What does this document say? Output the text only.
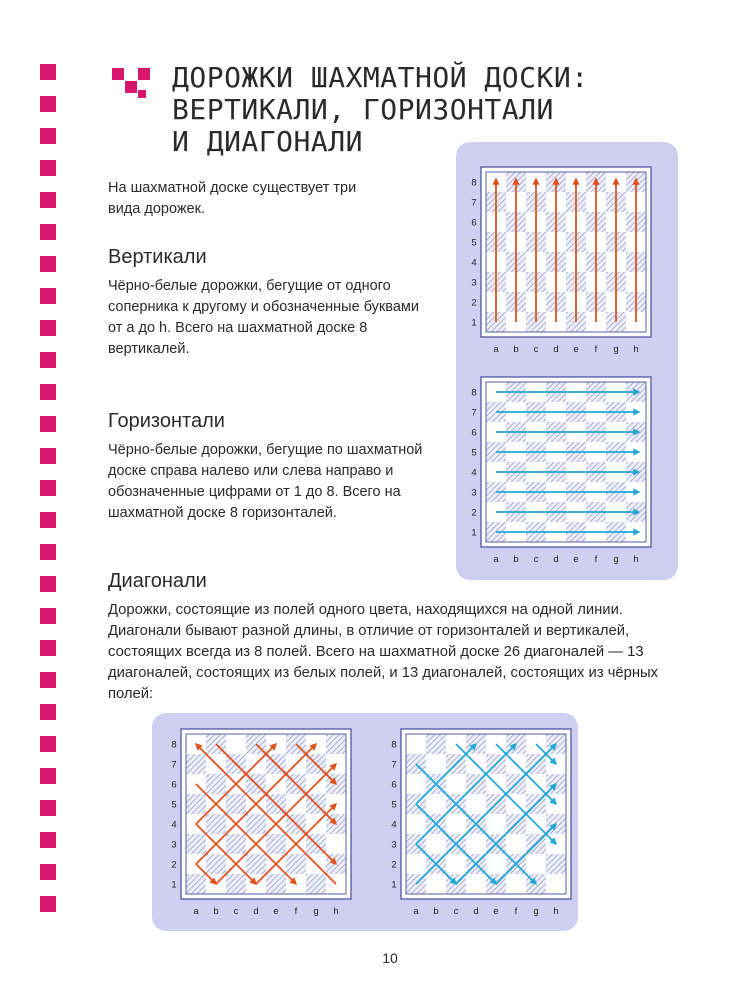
ДОРОЖКИ ШАХМАТНОЙ ДОСКИ:
ВЕРТИКАЛИ, ГОРИЗОНТАЛИ
И ДИАГОНАЛИ
На шахматной доске существует три вида дорожек.
Вертикали
Чёрно-белые дорожки, бегущие от одного соперника к другому и обозначенные буквами от a до h. Всего на шахматной доске 8 вертикалей.
Горизонтали
Чёрно-белые дорожки, бегущие по шахматной доске справа налево или слева направо и обозначенные цифрами от 1 до 8. Всего на шахматной доске 8 горизонталей.
Диагонали
Дорожки, состоящие из полей одного цвета, находящихся на одной линии. Диагонали бывают разной длины, в отличие от горизонталей и вертикалей, состоящих всегда из 8 полей. Всего на шахматной доске 26 диагоналей — 13 диагоналей, состоящих из белых полей, и 13 диагоналей, состоящих из чёрных полей:
1
2
3
4
5
6
7
8
a b c d e f g h
1
2
3
4
5
6
7
8
a b c d e f g h
1
2
3
4
5
6
7
8
a b c d e f g h
1
2
3
4
5
6
7
8
a b c d e f g h
10
